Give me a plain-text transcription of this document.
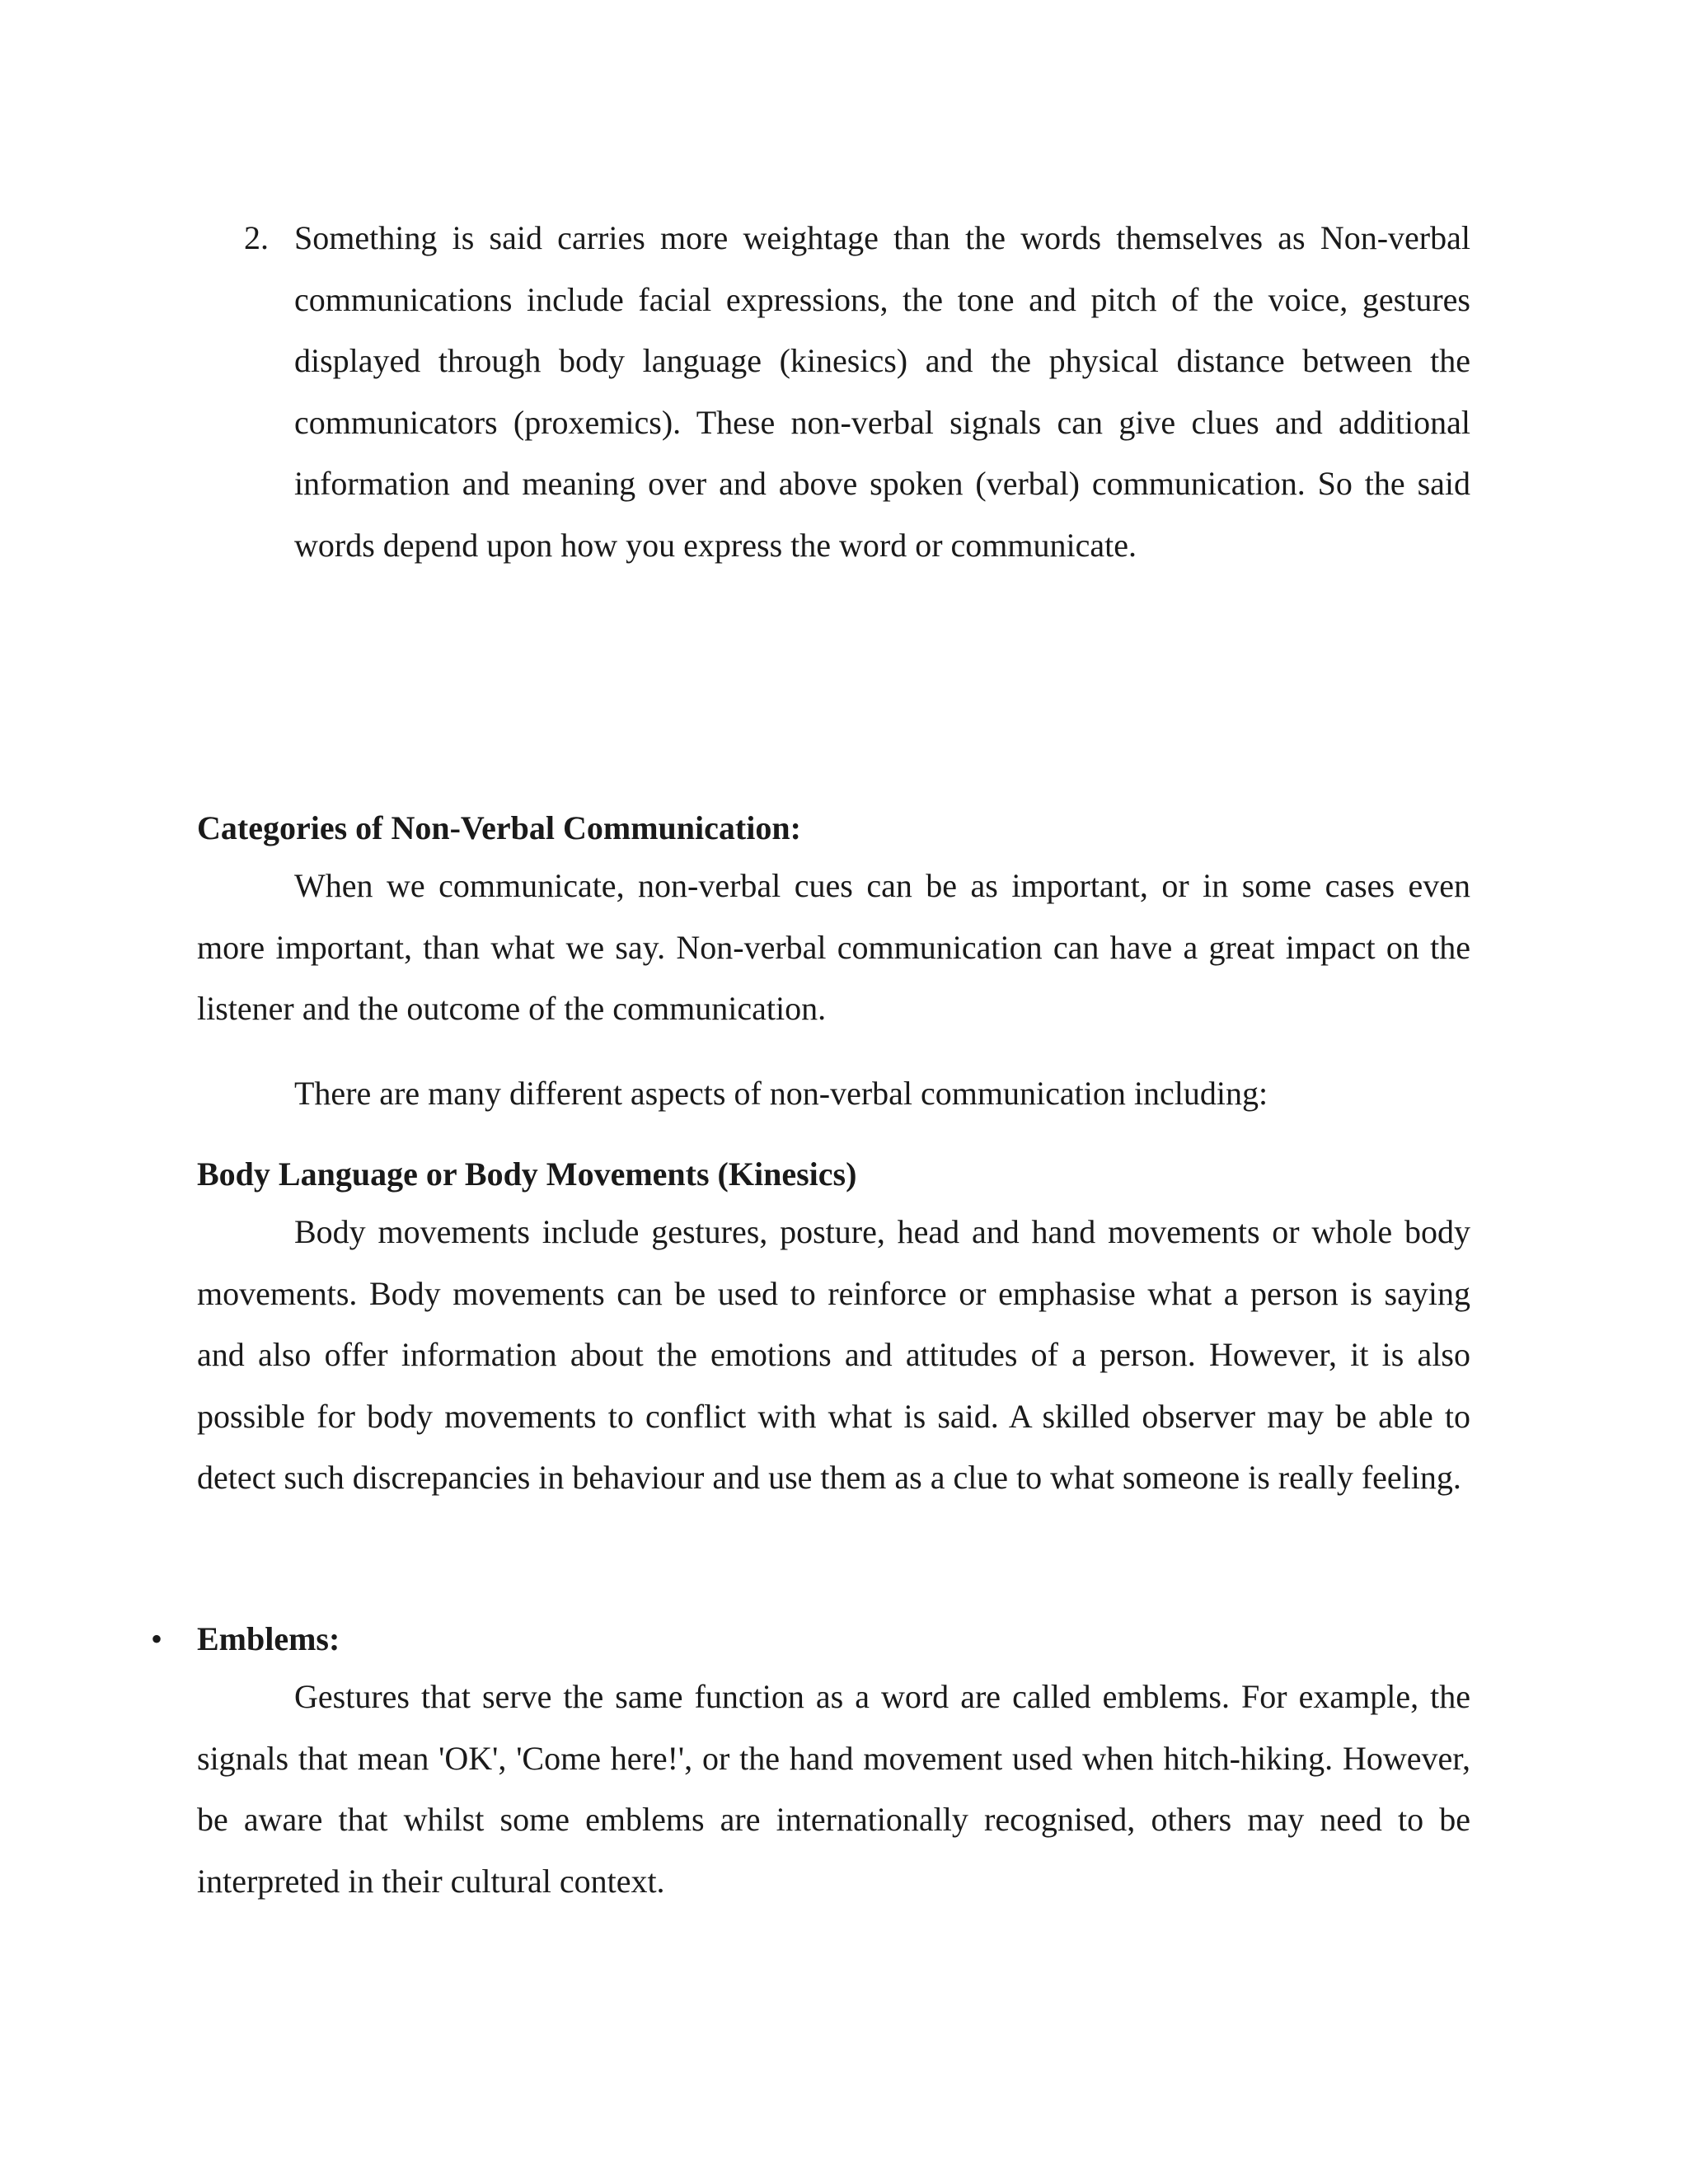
2. Something is said carries more weightage than the words themselves as Non-verbal communications include facial expressions, the tone and pitch of the voice, gestures displayed through body language (kinesics) and the physical distance between the communicators (proxemics). These non-verbal signals can give clues and additional information and meaning over and above spoken (verbal) communication. So the said words depend upon how you express the word or communicate.

Categories of Non-Verbal Communication:

When we communicate, non-verbal cues can be as important, or in some cases even more important, than what we say. Non-verbal communication can have a great impact on the listener and the outcome of the communication.

There are many different aspects of non-verbal communication including:

Body Language or Body Movements (Kinesics)

Body movements include gestures, posture, head and hand movements or whole body movements. Body movements can be used to reinforce or emphasise what a person is saying and also offer information about the emotions and attitudes of a person. However, it is also possible for body movements to conflict with what is said. A skilled observer may be able to detect such discrepancies in behaviour and use them as a clue to what someone is really feeling.

• Emblems:

Gestures that serve the same function as a word are called emblems. For example, the signals that mean 'OK', 'Come here!', or the hand movement used when hitch-hiking. However, be aware that whilst some emblems are internationally recognised, others may need to be interpreted in their cultural context.
